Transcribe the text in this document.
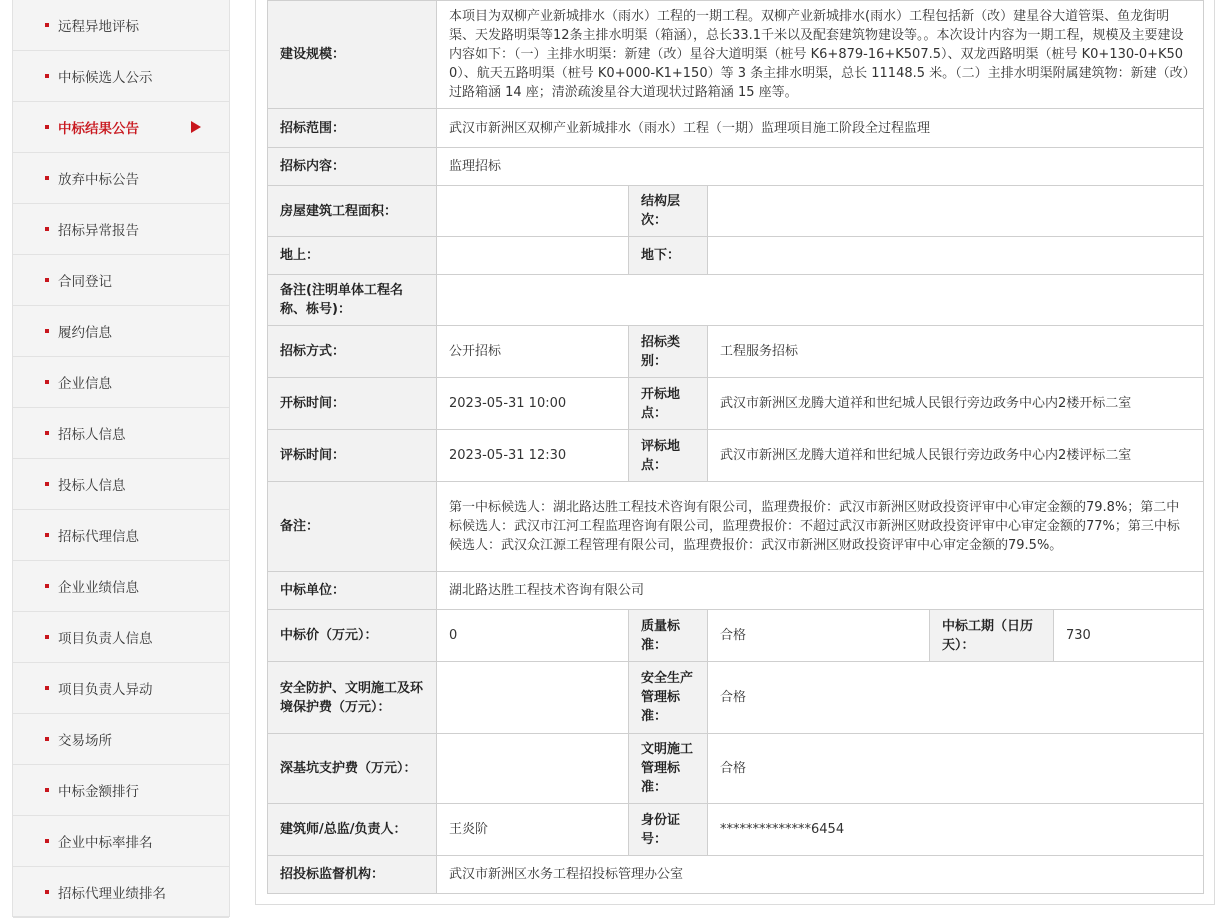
远程异地评标
中标候选人公示
中标结果公告
放弃中标公告
招标异常报告
合同登记
履约信息
企业信息
招标人信息
投标人信息
招标代理信息
企业业绩信息
项目负责人信息
项目负责人异动
交易场所
中标金额排行
企业中标率排名
招标代理业绩排名
建设规模：	本项目为双柳产业新城排水（雨水）工程的一期工程。双柳产业新城排水(雨水）工程包括新（改）建星谷大道管渠、鱼龙街明渠、天发路明渠等12条主排水明渠（箱涵），总长33.1千米以及配套建筑物建设等。。本次设计内容为一期工程，规模及主要建设内容如下：（一）主排水明渠：新建（改）星谷大道明渠（桩号 K6+879-16+K507.5）、双龙西路明渠（桩号 K0+130-0+K500）、航天五路明渠（桩号 K0+000-K1+150）等 3 条主排水明渠，总长 11148.5 米。（二）主排水明渠附属建筑物：新建（改）过路箱涵 14 座；清淤疏浚星谷大道现状过路箱涵 15 座等。				
招标范围：	武汉市新洲区双柳产业新城排水（雨水）工程（一期）监理项目施工阶段全过程监理				
招标内容：	监理招标				
房屋建筑工程面积：		结构层次：			
地上：		地下：			
备注(注明单体工程名称、栋号)：					
招标方式：	公开招标	招标类别：	工程服务招标		
开标时间：	2023-05-31 10:00	开标地点：	武汉市新洲区龙腾大道祥和世纪城人民银行旁边政务中心内2楼开标二室		
评标时间：	2023-05-31 12:30	评标地点：	武汉市新洲区龙腾大道祥和世纪城人民银行旁边政务中心内2楼评标二室		
备注：	第一中标候选人：湖北路达胜工程技术咨询有限公司，监理费报价：武汉市新洲区财政投资评审中心审定金额的79.8%；第二中标候选人：武汉市江河工程监理咨询有限公司，监理费报价：不超过武汉市新洲区财政投资评审中心审定金额的77%；第三中标候选人：武汉众江源工程管理有限公司，监理费报价：武汉市新洲区财政投资评审中心审定金额的79.5%。				
中标单位：	湖北路达胜工程技术咨询有限公司				
中标价（万元）：	0	质量标准：	合格	中标工期（日历天）：	730
安全防护、文明施工及环境保护费（万元）：		安全生产管理标准：	合格		
深基坑支护费（万元）：		文明施工管理标准：	合格		
建筑师/总监/负责人：	王炎阶	身份证号：	**************6454		
招投标监督机构：	武汉市新洲区水务工程招投标管理办公室				
